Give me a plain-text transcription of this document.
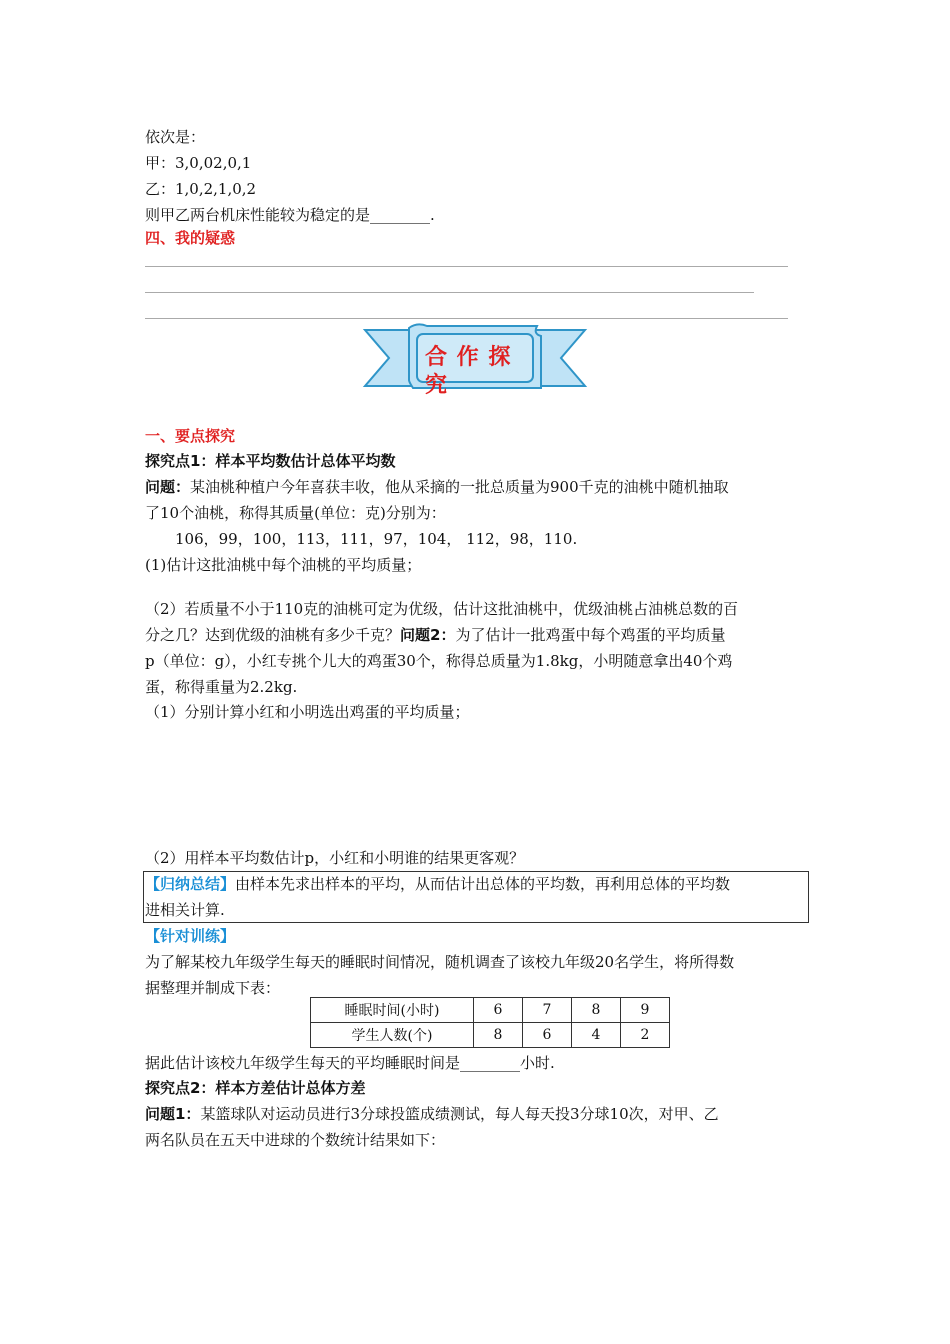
依次是：
甲：3,0,02,0,1
乙：1,0,2,1,0,2
则甲乙两台机床性能较为稳定的是________.
四、我的疑惑
合 作 探
究
一、要点探究
探究点1：样本平均数估计总体平均数
问题：某油桃种植户今年喜获丰收，他从采摘的一批总质量为900千克的油桃中随机抽取
了10个油桃，称得其质量(单位：克)分别为：
106，99，100，113，111，97，104， 112，98，110.
(1)估计这批油桃中每个油桃的平均质量；
（2）若质量不小于110克的油桃可定为优级，估计这批油桃中，优级油桃占油桃总数的百
分之几？达到优级的油桃有多少千克？问题2：为了估计一批鸡蛋中每个鸡蛋的平均质量
p（单位：g），小红专挑个儿大的鸡蛋30个，称得总质量为1.8kg，小明随意拿出40个鸡
蛋，称得重量为2.2kg.
（1）分别计算小红和小明选出鸡蛋的平均质量；
（2）用样本平均数估计p，小红和小明谁的结果更客观？
【归纳总结】由样本先求出样本的平均，从而估计出总体的平均数，再利用总体的平均数
进相关计算.
【针对训练】
为了解某校九年级学生每天的睡眠时间情况，随机调查了该校九年级20名学生，将所得数
据整理并制成下表：
睡眠时间(小时)	6	7	8	9
学生人数(个)	8	6	4	2
据此估计该校九年级学生每天的平均睡眠时间是________小时.
探究点2：样本方差估计总体方差
问题1：某篮球队对运动员进行3分球投篮成绩测试，每人每天投3分球10次，对甲、乙
两名队员在五天中进球的个数统计结果如下：
